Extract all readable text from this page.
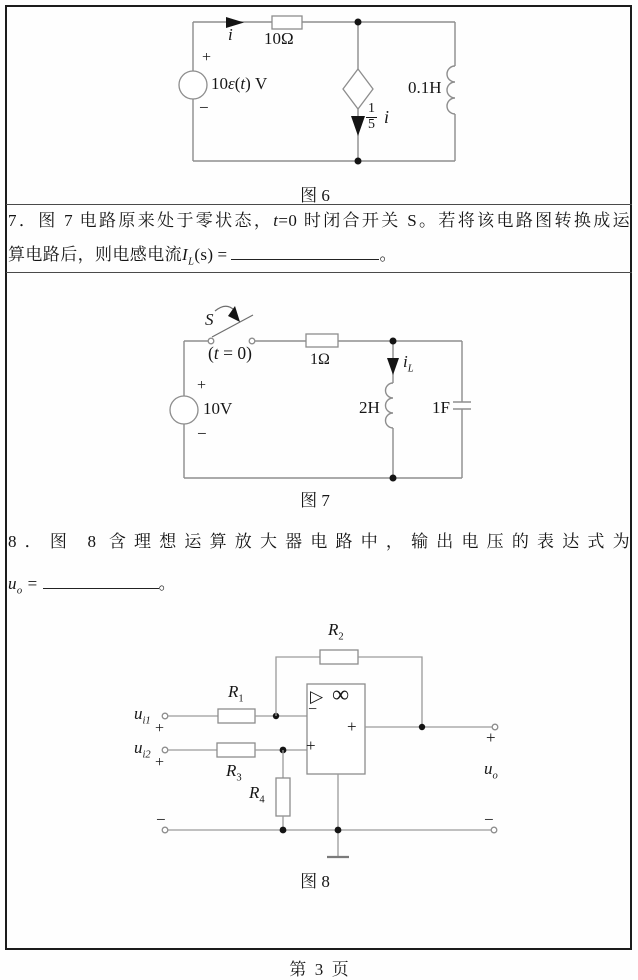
i 10Ω
+
10ε(t) V
−	$\frac{1}{5}$ i
0.1H
图 6
7．图 7 电路原来处于零状态，t=0 时闭合开关 S。若将该电路图转换成运
算电路后，则电感电流$I_L(s)$ =	。
S
(t = 0)	1Ω	$i_L$
+
10V
−
2H	1F
图 7
8．图 8 含理想运算放大器电路中，输出电压的表达式为
$u_o$ =	。
$R_2$
$R_1$
$u_{i1}$ +
$u_{i2}$ +	$R_3$
$R_4$
▷ ∞
−
+
+
+
$u_o$
−	−
图 8
第  3  页
